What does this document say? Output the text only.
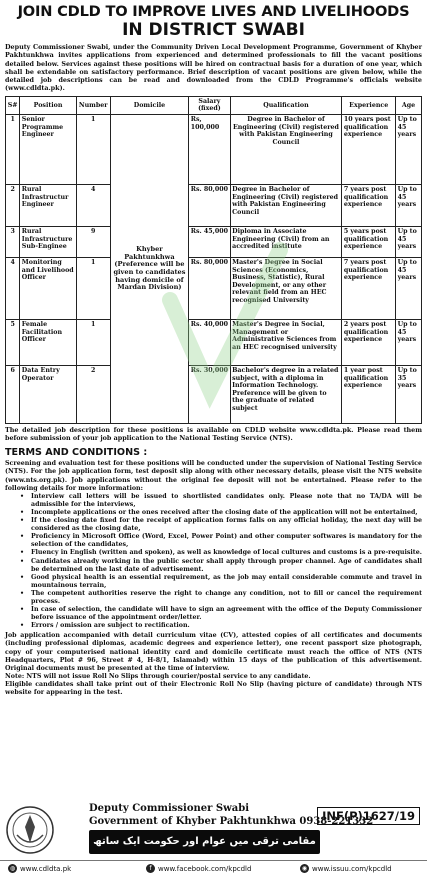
JOIN CDLD TO IMPROVE LIVES AND LIVELIHOODS
IN DISTRICT SWABI
Deputy Commissioner Swabi, under the Community Driven Local Development Programme, Government of Khyber Pakhtunkhwa invites applications from experienced and determined professionals to fill the vacant positions detailed below. Services against these positions will be hired on contractual basis for a duration of one year, which shall be extendable on satisfactory performance. Brief description of vacant positions are given below, while the detailed job descriptions can be read and downloaded from the CDLD Programme's officials website (www.cdldta.pk).
S#	Position	Number	Domicile	Salary (fixed)	Qualification	Experience	Age
1	Senior Programme Engineer	1	Khyber Pakhtunkhwa (Preference will be given to candidates having domicile of Mardan Division)	Rs, 100,000	Degree in Bachelor of Engineering (Civil) registered with Pakistan Engineering Council	10 years post qualification experience	Up to 45 years
2	Rural Infrastructur Engineer	4		Rs. 80,000	Degree in Bachelor of Engineering (Civil) registered with Pakistan Engineering Council	7 years post qualification experience	Up to 45 years
3	Rural Infrastructure Sub-Enginee	9		Rs. 45,000	Diploma in Associate Engineering (Civil) from an accredited institute	5 years post qualification experience	Up to 45 years
4	Monitoring and Livelihood Officer	1		Rs. 80,000	Master's Degree in Social Sciences (Economics, Business, Statistic), Rural Development, or any other relevant field from an HEC recognised University	7 years post qualification experience	Up to 45 years
5	Female Facilitation Officer	1		Rs. 40,000	Master's Degree in Social, Management or Administrative Sciences from an HEC recognised university	2 years post qualification experience	Up to 45 years
6	Data Entry Operator	2		Rs. 30,000	Bachelor's degree in a related subject, with a diploma in Information Technology. Preference will be given to the graduate of related subject	1 year post qualification experience	Up to 35 years
The detailed job description for these positions is available on CDLD website www.cdldta.pk. Please read them before submission of your job application to the National Testing Service (NTS).
TERMS AND CONDITIONS :
Screening and evaluation test for these positions will be conducted under the supervision of National Testing Service (NTS). For the job application form, test deposit slip along with other necessary details, please visit the NTS website (www.nts.org.pk). Job applications without the original fee deposit will not be entertained. Please refer to the following details for more information:
• Interview call letters will be issued to shortlisted candidates only. Please note that no TA/DA will be admissible for the interviews,
• Incomplete applications or the ones received after the closing date of the application will not be entertained,
• If the closing date fixed for the receipt of application forms falls on any official holiday, the next day will be considered as the closing date,
• Proficiency in Microsoft Office (Word, Excel, Power Point) and other computer softwares is mandatory for the selection of the candidates,
• Fluency in English (written and spoken), as well as knowledge of local cultures and customs is a pre-requisite.
• Candidates already working in the public sector shall apply through proper channel. Age of candidates shall be determined on the last date of advertisement.
• Good physical health is an essential requirement, as the job may entail considerable commute and travel in mountainous terrain,
• The competent authorities reserve the right to change any condition, not to fill or cancel the requirement process.
• In case of selection, the candidate will have to sign an agreement with the office of the Deputy Commissioner before issuance of the appointment order/letter.
• Errors / omission are subject to rectification.
Job application accompanied with detail curriculum vitae (CV), attested copies of all certificates and documents (including professional diplomas, academic degrees and experience letter), one recent passport size photograph, copy of your computerised national identity card and domicile certificate must reach the office of NTS (NTS Headquarters, Plot # 96, Street # 4, H-8/1, Islamabd) within 15 days of the publication of this advertisement. Original documents must be presented at the time of interview.
Note: NTS will not issue Roll No Slips through courier/postal service to any candidate.
Eligible candidates shall take print out of their Electronic Roll No Slip (having picture of candidate) through NTS website for appearing in the test.
Deputy Commissioner Swabi
Government of Khyber Pakhtunkhwa 0938-221332
INF(P)1627/19
مقامی ترقی میں عوام اور حکومت ایک ساتھ
◍ www.cdldta.pk	f www.facebook.com/kpcdld	◉ www.issuu.com/kpcdld
